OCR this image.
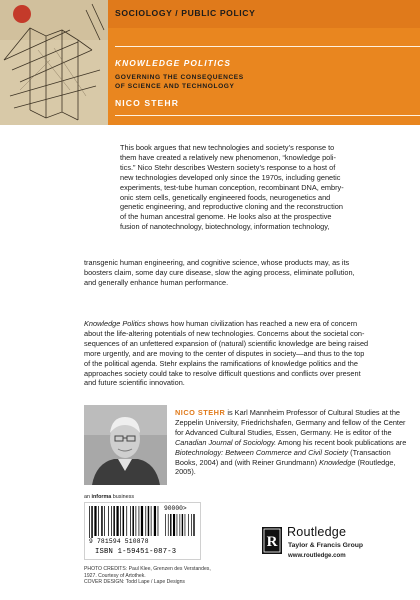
SOCIOLOGY / PUBLIC POLICY
KNOWLEDGE POLITICS
GOVERNING THE CONSEQUENCES
OF SCIENCE AND TECHNOLOGY
NICO STEHR

This book argues that new technologies and society’s response to

them have created a relatively new phenomenon, “knowledge poli-

tics.” Nico Stehr describes Western society’s response to a host of

new technologies developed only since the 1970s, including genetic

experiments, test-tube human conception, recombinant DNA, embry-

onic stem cells, genetically engineered foods, neurogenetics and

genetic engineering, and reproductive cloning and the reconstruction

of the human ancestral genome. He looks also at the prospective

fusion of nanotechnology, biotechnology, information technology,

transgenic human engineering, and cognitive science, whose products may, as its

boosters claim, some day cure disease, slow the aging process, eliminate pollution,

and generally enhance human performance.

Knowledge Politics shows how human civilization has reached a new era of concern

about the life-altering potentials of new technologies. Concerns about the societal con-

sequences of an unfettered expansion of (natural) scientific knowledge are being raised

more urgently, and are moving to the center of disputes in society—and thus to the top

of the political agenda. Stehr explains the ramifications of knowledge politics and the

approaches society could take to resolve difficult questions and conflicts over present

and future scientific innovation.

NICO STEHR is Karl Mannheim Professor of Cultural Studies at the Zeppelin University, Friedrichshafen, Germany and fellow of the Center for Advanced Cultural Studies, Essen, Germany. He is editor of the Canadian Journal of Sociology. Among his recent book publications are Biotechnology: Between Commerce and Civil Society (Transaction Books, 2004) and (with Reiner Grundmann) Knowledge (Routledge, 2005).
an informa business
90000>
9 781594 510878
ISBN 1-59451-087-3
PHOTO CREDITS: Paul Klee, Grenzen des Verstandes,
1927. Courtesy of Artothek.
COVER DESIGN: Todd Lape / Lape Designs
R
Routledge
Taylor & Francis Group
www.routledge.com
